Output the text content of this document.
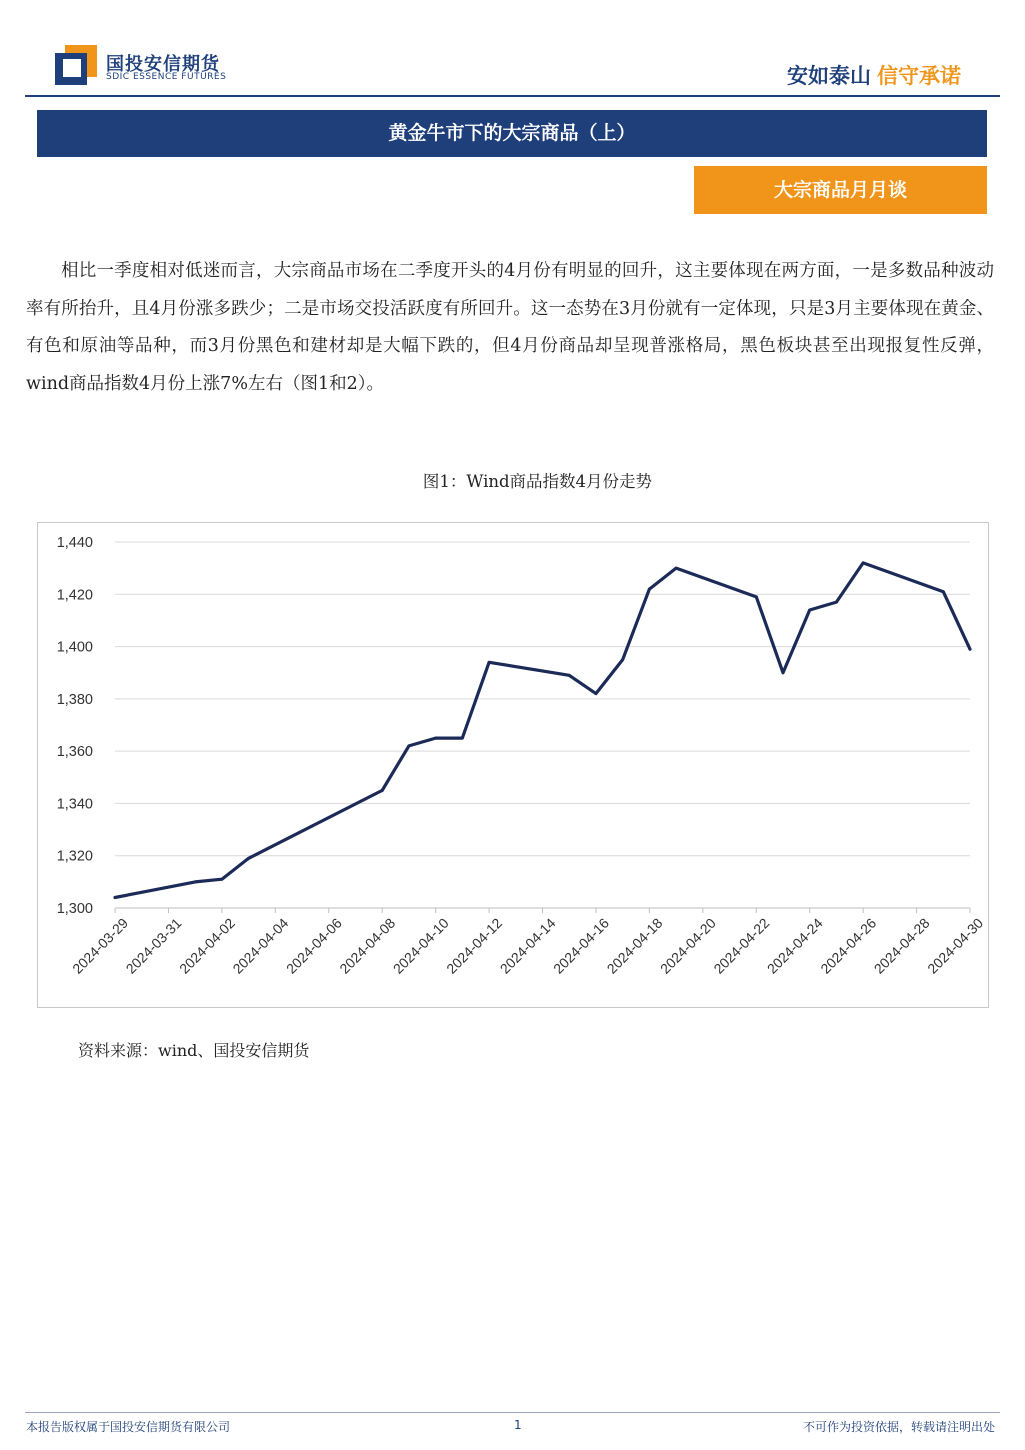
国投安信期货
SDIC ESSENCE FUTURES	安如泰山 信守承诺
黄金牛市下的大宗商品（上）
大宗商品月月谈
相比一季度相对低迷而言，大宗商品市场在二季度开头的4月份有明显的回升，这主要体现在两方面，一是多数品种波动率有所抬升，且4月份涨多跌少；二是市场交投活跃度有所回升。这一态势在3月份就有一定体现，只是3月主要体现在黄金、有色和原油等品种，而3月份黑色和建材却是大幅下跌的，但4月份商品却呈现普涨格局，黑色板块甚至出现报复性反弹，wind商品指数4月份上涨7%左右（图1和2）。
图1：Wind商品指数4月份走势
1,300
1,320
1,340
1,360
1,380
1,400
1,420
1,440
2024-03-29
2024-03-31
2024-04-02
2024-04-04
2024-04-06
2024-04-08
2024-04-10
2024-04-12
2024-04-14
2024-04-16
2024-04-18
2024-04-20
2024-04-22
2024-04-24
2024-04-26
2024-04-28
2024-04-30
资料来源：wind、国投安信期货
本报告版权属于国投安信期货有限公司	1	不可作为投资依据，转载请注明出处
